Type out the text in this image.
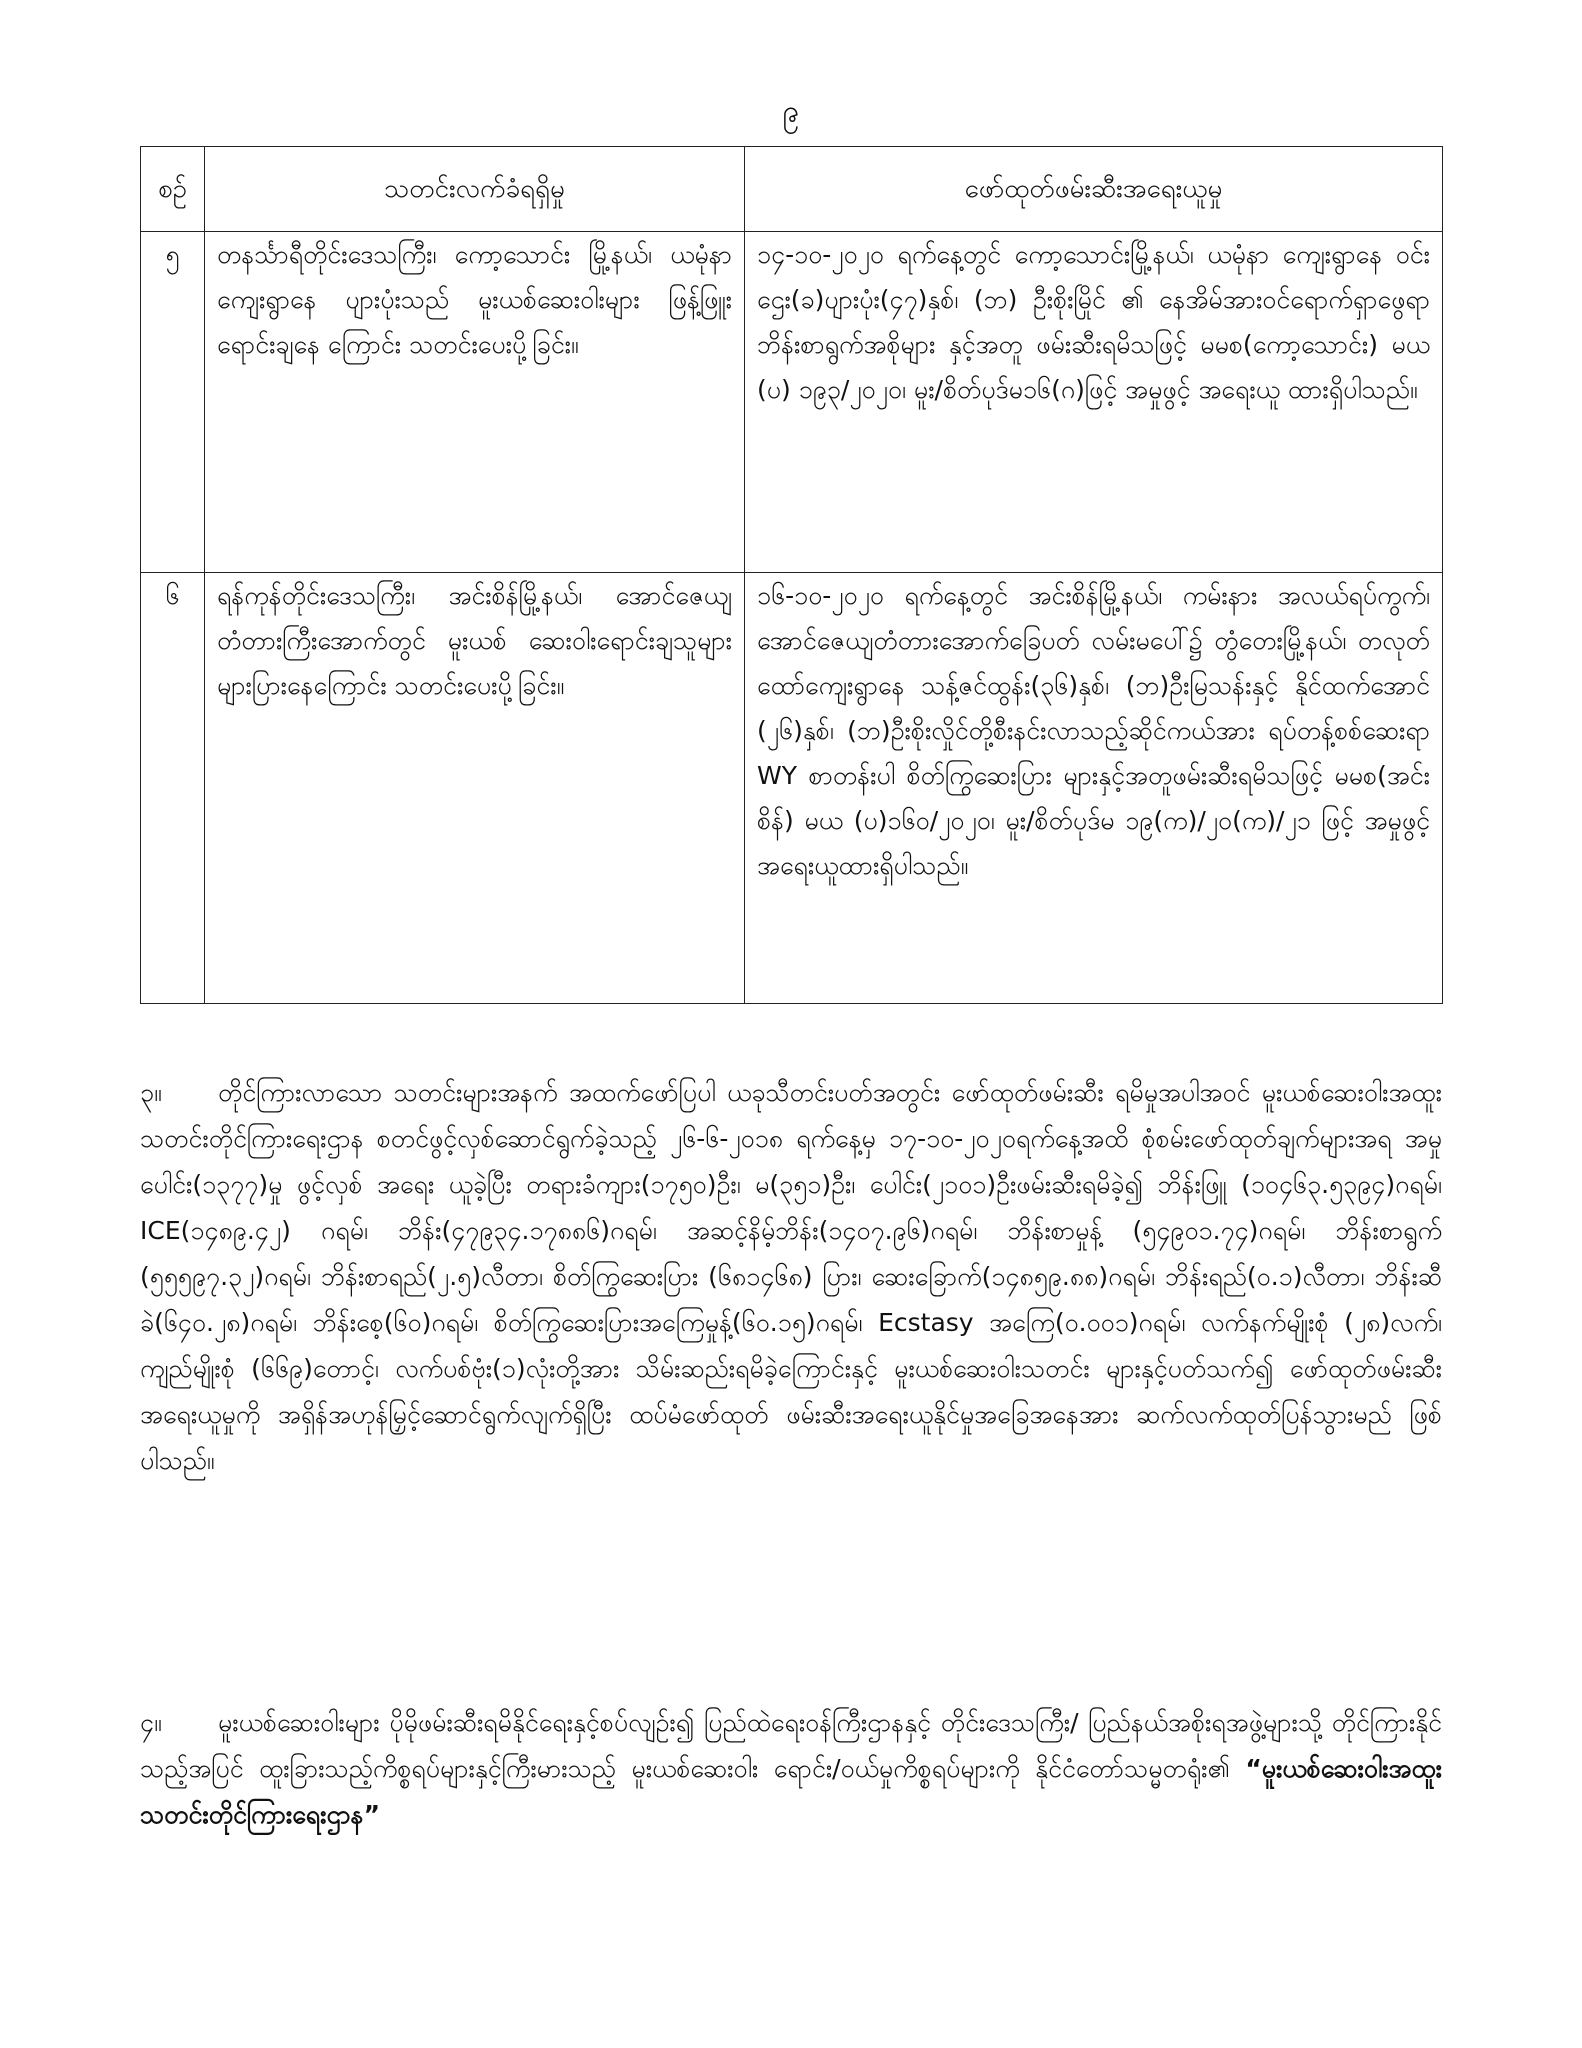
၉
စဉ်	သတင်းလက်ခံရရှိမှု	ဖော်ထုတ်ဖမ်းဆီးအရေးယူမှု
၅	တနင်္သာရီတိုင်းဒေသကြီး၊ ကော့သောင်း မြို့နယ်၊ ယမုံနာကျေးရွာနေ ပျားပုံးသည် မူးယစ်ဆေးဝါးများ ဖြန့်ဖြူးရောင်းချနေ ကြောင်း သတင်းပေးပို့ခြင်း။	၁၄-၁၀-၂၀၂၀ ရက်နေ့တွင် ကော့သောင်းမြို့နယ်၊ ယမုံနာ ကျေးရွာနေ ဝင်းဌေး(ခ)ပျားပုံး(၄၇)နှစ်၊ (ဘ) ဦးစိုးမြိုင် ၏ နေအိမ်အားဝင်ရောက်ရှာဖွေရာ ဘိန်းစာရွက်အစိုများ နှင့်အတူ ဖမ်းဆီးရမိသဖြင့် မမစ(ကော့သောင်း) မယ (ပ) ၁၉၃/၂၀၂၀၊ မူး/စိတ်ပုဒ်မ၁၆(ဂ)ဖြင့် အမှုဖွင့် အရေးယူ ထားရှိပါသည်။
၆	ရန်ကုန်တိုင်းဒေသကြီး၊ အင်းစိန်မြို့နယ်၊ အောင်ဇေယျတံတားကြီးအောက်တွင် မူးယစ် ဆေးဝါးရောင်းချသူများ များပြားနေကြောင်း သတင်းပေးပို့ခြင်း။	၁၆-၁၀-၂၀၂၀ ရက်နေ့တွင် အင်းစိန်မြို့နယ်၊ ကမ်းနား အလယ်ရပ်ကွက်၊ အောင်ဇေယျတံတားအောက်ခြေပတ် လမ်းမပေါ်၌ တွံတေးမြို့နယ်၊ တလုတ်ထော်ကျေးရွာနေ သန့်ဇင်ထွန်း(၃၆)နှစ်၊ (ဘ)ဦးမြသန်းနှင့် နိုင်ထက်အောင် (၂၆)နှစ်၊ (ဘ)ဦးစိုးလှိုင်တို့စီးနင်းလာသည့်ဆိုင်ကယ်အား ရပ်တန့်စစ်ဆေးရာ WY စာတန်းပါ စိတ်ကြွဆေးပြား များနှင့်အတူဖမ်းဆီးရမိသဖြင့် မမစ(အင်းစိန်) မယ (ပ)၁၆၀/၂၀၂၀၊ မူး/စိတ်ပုဒ်မ ၁၉(က)/၂၀(က)/၂၁ ဖြင့် အမှုဖွင့် အရေးယူထားရှိပါသည်။
၃။ တိုင်ကြားလာသော သတင်းများအနက် အထက်ဖော်ပြပါ ယခုသီတင်းပတ်အတွင်း ဖော်ထုတ်ဖမ်းဆီး ရမိမှုအပါအဝင် မူးယစ်ဆေးဝါးအထူးသတင်းတိုင်ကြားရေးဌာန စတင်ဖွင့်လှစ်ဆောင်ရွက်ခဲ့သည့် ၂၆-၆-၂၀၁၈ ရက်နေ့မှ ၁၇-၁၀-၂၀၂၀ရက်နေ့အထိ စုံစမ်းဖော်ထုတ်ချက်များအရ အမှုပေါင်း(၁၃၇၇)မှု ဖွင့်လှစ် အရေး ယူခဲ့ပြီး တရားခံကျား(၁၇၅၀)ဦး၊ မ(၃၅၁)ဦး၊ ပေါင်း(၂၁၀၁)ဦးဖမ်းဆီးရမိခဲ့၍ ဘိန်းဖြူ (၁၀၄၆၃.၅၃၉၄)ဂရမ်၊ ICE(၁၄၈၉.၄၂) ဂရမ်၊ ဘိန်း(၄၇၉၃၄.၁၇၈၈၆)ဂရမ်၊ အဆင့်နိမ့်ဘိန်း(၁၄၀၇.၉၆)ဂရမ်၊ ဘိန်းစာမှုန့် (၅၄၉၀၁.၇၄)ဂရမ်၊ ဘိန်းစာရွက် (၅၅၅၉၇.၃၂)ဂရမ်၊ ဘိန်းစာရည်(၂.၅)လီတာ၊ စိတ်ကြွဆေးပြား (၆၈၁၄၆၈) ပြား၊ ဆေးခြောက်(၁၄၈၅၉.၈၈)ဂရမ်၊ ဘိန်းရည်(၀.၁)လီတာ၊ ဘိန်းဆီခဲ(၆၄၀.၂၈)ဂရမ်၊ ဘိန်းစေ့(၆၀)ဂရမ်၊ စိတ်ကြွဆေးပြားအကြေမှုန့်(၆၀.၁၅)ဂရမ်၊ Ecstasy အကြေ(၀.၀၀၁)ဂရမ်၊ လက်နက်မျိုးစုံ (၂၈)လက်၊ ကျည်မျိုးစုံ (၆၆၉)တောင့်၊ လက်ပစ်ဗုံး(၁)လုံးတို့အား သိမ်းဆည်းရမိခဲ့ကြောင်းနှင့် မူးယစ်ဆေးဝါးသတင်း များနှင့်ပတ်သက်၍ ဖော်ထုတ်ဖမ်းဆီးအရေးယူမှုကို အရှိန်အဟုန်မြှင့်ဆောင်ရွက်လျက်ရှိပြီး ထပ်မံဖော်ထုတ် ဖမ်းဆီးအရေးယူနိုင်မှုအခြေအနေအား ဆက်လက်ထုတ်ပြန်သွားမည် ဖြစ်ပါသည်။
၄။ မူးယစ်ဆေးဝါးများ ပိုမိုဖမ်းဆီးရမိနိုင်ရေးနှင့်စပ်လျဉ်း၍ ပြည်ထဲရေးဝန်ကြီးဌာနနှင့် တိုင်းဒေသကြီး/ ပြည်နယ်အစိုးရအဖွဲ့များသို့ တိုင်ကြားနိုင်သည့်အပြင် ထူးခြားသည့်ကိစ္စရပ်များနှင့်ကြီးမားသည့် မူးယစ်ဆေးဝါး ရောင်း/ဝယ်မှုကိစ္စရပ်များကို နိုင်ငံတော်သမ္မတရုံး၏ “မူးယစ်ဆေးဝါးအထူးသတင်းတိုင်ကြားရေးဌာန”
